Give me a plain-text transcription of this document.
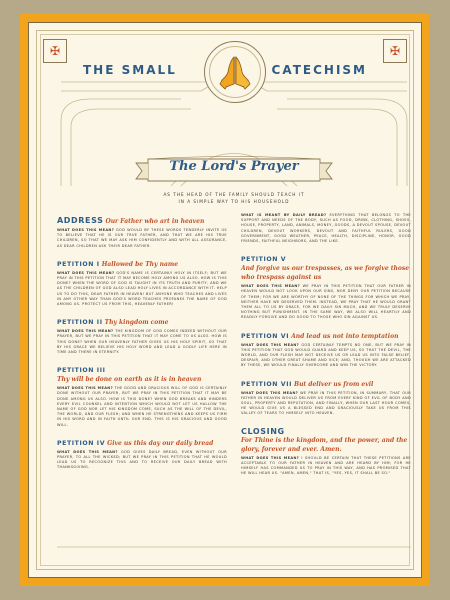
✠	✠
THE SMALL	CATECHISM
The Lord's Prayer
AS THE HEAD OF THE FAMILY SHOULD TEACH IT
IN A SIMPLE WAY TO HIS HOUSEHOLD
ADDRESS Our Father who art in heaven
WHAT DOES THIS MEAN? GOD WOULD BY THESE WORDS TENDERLY INVITE US TO BELIEVE THAT HE IS OUR TRUE FATHER, AND THAT WE ARE HIS TRUE CHILDREN, SO THAT WE MAY ASK HIM CONFIDENTLY AND WITH ALL ASSURANCE, AS DEAR CHILDREN ASK THEIR DEAR FATHER.
PETITION I Hallowed be Thy name
WHAT DOES THIS MEAN? GOD'S NAME IS CERTAINLY HOLY IN ITSELF; BUT WE PRAY IN THIS PETITION THAT IT MAY BECOME HOLY AMONG US ALSO. HOW IS THIS DONE? WHEN THE WORD OF GOD IS TAUGHT IN ITS TRUTH AND PURITY, AND WE AS THE CHILDREN OF GOD ALSO LEAD HOLY LIVES IN ACCORDANCE WITH IT. HELP US TO DO THIS, DEAR FATHER IN HEAVEN! BUT ANYONE WHO TEACHES AND LIVES IN ANY OTHER WAY THAN GOD'S WORD TEACHES PROFANES THE NAME OF GOD AMONG US. PROTECT US FROM THIS, HEAVENLY FATHER!
PETITION II Thy kingdom come
WHAT DOES THIS MEAN? THE KINGDOM OF GOD COMES INDEED WITHOUT OUR PRAYER, BUT WE PRAY IN THIS PETITION THAT IT MAY COME TO US ALSO. HOW IS THIS DONE? WHEN OUR HEAVENLY FATHER GIVES US HIS HOLY SPIRIT, SO THAT BY HIS GRACE WE BELIEVE HIS HOLY WORD AND LEAD A GODLY LIFE HERE IN TIME AND THERE IN ETERNITY.
PETITION III
Thy will be done on earth as it is in heaven
WHAT DOES THIS MEAN? THE GOOD AND GRACIOUS WILL OF GOD IS CERTAINLY DONE WITHOUT OUR PRAYER, BUT WE PRAY IN THIS PETITION THAT IT MAY BE DONE AMONG US ALSO. HOW IS THIS DONE? WHEN GOD BREAKS AND HINDERS EVERY EVIL COUNSEL AND INTENTION WHICH WOULD NOT LET US HALLOW THE NAME OF GOD NOR LET HIS KINGDOM COME, SUCH AS THE WILL OF THE DEVIL, THE WORLD, AND OUR FLESH; AND WHEN HE STRENGTHENS AND KEEPS US FIRM IN HIS WORD AND IN FAITH UNTIL OUR END. THIS IS HIS GRACIOUS AND GOOD WILL.
PETITION IV Give us this day our daily bread
WHAT DOES THIS MEAN? GOD GIVES DAILY BREAD, EVEN WITHOUT OUR PRAYER, TO ALL THE WICKED; BUT WE PRAY IN THIS PETITION THAT HE WOULD LEAD US TO RECOGNIZE THIS AND TO RECEIVE OUR DAILY BREAD WITH THANKSGIVING.
WHAT IS MEANT BY DAILY BREAD? EVERYTHING THAT BELONGS TO THE SUPPORT AND NEEDS OF THE BODY, SUCH AS FOOD, DRINK, CLOTHING, SHOES, HOUSE, PROPERTY, LAND, ANIMALS, MONEY, GOODS, A DEVOUT SPOUSE, DEVOUT CHILDREN, DEVOUT WORKERS, DEVOUT AND FAITHFUL RULERS, GOOD GOVERNMENT, GOOD WEATHER, PEACE, HEALTH, DISCIPLINE, HONOR, GOOD FRIENDS, FAITHFUL NEIGHBORS, AND THE LIKE.
PETITION V
And forgive us our trespasses, as we forgive those who trespass against us
WHAT DOES THIS MEAN? WE PRAY IN THIS PETITION THAT OUR FATHER IN HEAVEN WOULD NOT LOOK UPON OUR SINS, NOR DENY OUR PETITION BECAUSE OF THEM; FOR WE ARE WORTHY OF NONE OF THE THINGS FOR WHICH WE PRAY, NEITHER HAVE WE DESERVED THEM. INSTEAD, WE PRAY THAT HE WOULD GRANT THEM ALL TO US BY GRACE, FOR WE DAILY SIN MUCH, AND WE TRULY DESERVE NOTHING BUT PUNISHMENT. IN THE SAME WAY, WE ALSO WILL HEARTILY AND READILY FORGIVE AND DO GOOD TO THOSE WHO SIN AGAINST US.
PETITION VI And lead us not into temptation
WHAT DOES THIS MEAN? GOD CERTAINLY TEMPTS NO ONE, BUT WE PRAY IN THIS PETITION THAT GOD WOULD GUARD AND KEEP US, SO THAT THE DEVIL, THE WORLD, AND OUR FLESH MAY NOT DECEIVE US OR LEAD US INTO FALSE BELIEF, DESPAIR, AND OTHER GREAT SHAME AND VICE; AND, THOUGH WE ARE ATTACKED BY THESE, WE WOULD FINALLY OVERCOME AND WIN THE VICTORY.
PETITION VII But deliver us from evil
WHAT DOES THIS MEAN? WE PRAY IN THIS PETITION, IN SUMMARY, THAT OUR FATHER IN HEAVEN WOULD DELIVER US FROM EVERY KIND OF EVIL OF BODY AND SOUL, PROPERTY AND REPUTATION, AND FINALLY, WHEN OUR LAST HOUR COMES, HE WOULD GIVE US A BLESSED END AND GRACIOUSLY TAKE US FROM THIS VALLEY OF TEARS TO HIMSELF INTO HEAVEN.
CLOSING
For Thine is the kingdom, and the power, and the glory, forever and ever. Amen.
WHAT DOES THIS MEAN? I SHOULD BE CERTAIN THAT THESE PETITIONS ARE ACCEPTABLE TO OUR FATHER IN HEAVEN AND ARE HEARD BY HIM; FOR HE HIMSELF HAS COMMANDED US TO PRAY IN THIS WAY, AND HAS PROMISED THAT HE WILL HEAR US. "AMEN, AMEN," THAT IS, "YES, YES, IT SHALL BE SO."
